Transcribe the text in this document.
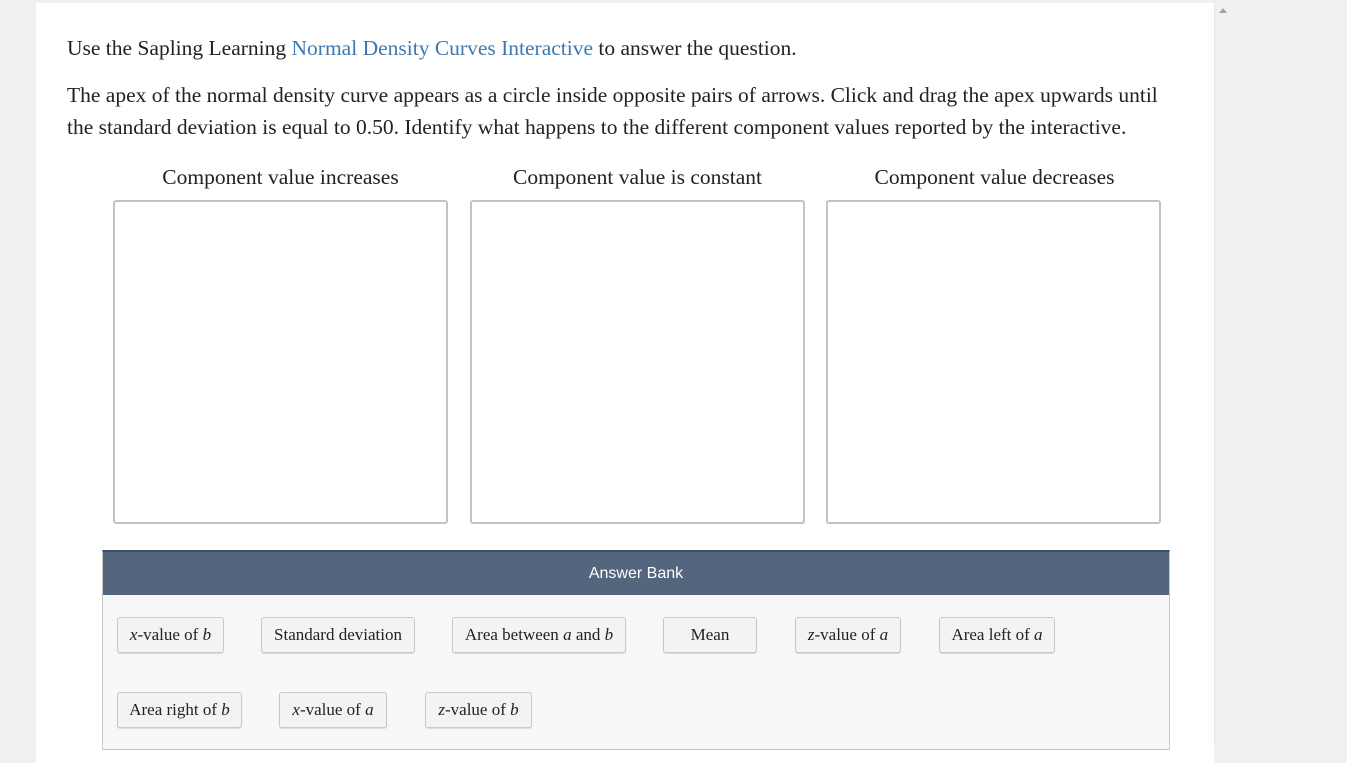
Use the Sapling Learning Normal Density Curves Interactive to answer the question.

The apex of the normal density curve appears as a circle inside opposite pairs of arrows. Click and drag the apex upwards until
the standard deviation is equal to 0.50. Identify what happens to the different component values reported by the interactive.

Component value increases	Component value is constant	Component value decreases
Answer Bank
x-value of b	Standard deviation	Area between a and b	Mean	z-value of a	Area left of a
Area right of b	x-value of a	z-value of b
